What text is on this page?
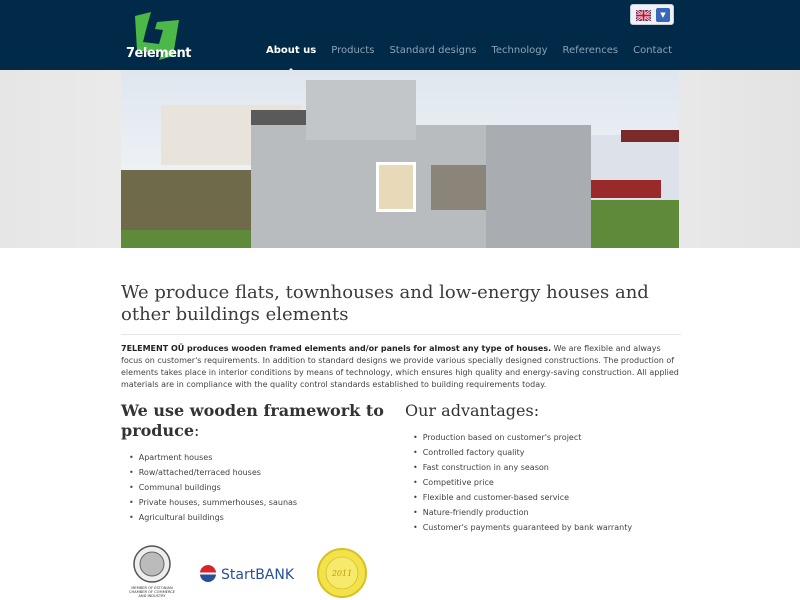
7element
▼
About us Products Standard designs Technology References Contact
We produce flats, townhouses and low-energy houses and other buildings elements

7ELEMENT OÜ produces wooden framed elements and/or panels for almost any type of houses. We are flexible and always focus on customer's requirements. In addition to standard designs we provide various specially designed constructions. The production of elements takes place in interior conditions by means of technology, which ensures high quality and energy-saving construction. All applied materials are in compliance with the quality control standards established to building requirements today.

We use wooden framework to produce:
• Apartment houses
• Row/attached/terraced houses
• Communal buildings
• Private houses, summerhouses, saunas
• Agricultural buildings
Our advantages:
• Production based on customer's project
• Controlled factory quality
• Fast construction in any season
• Competitive price
• Flexible and customer-based service
• Nature-friendly production
• Customer's payments guaranteed by bank warranty
MEMBER OF ESTONIAN
CHAMBER OF COMMERCE
AND INDUSTRY
StartBANK	2011
